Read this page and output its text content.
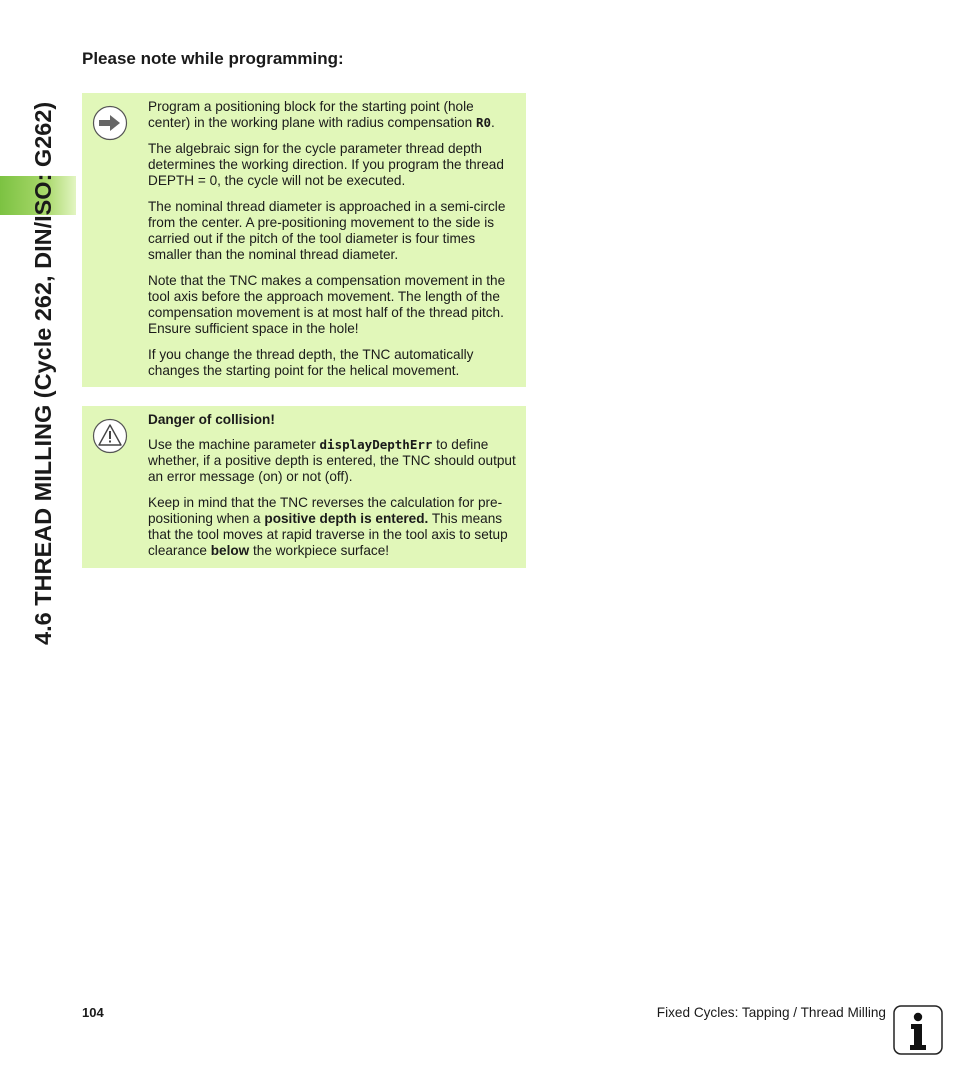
4.6 THREAD MILLING (Cycle 262, DIN/ISO: G262)
Please note while programming:

Program a positioning block for the starting point (hole center) in the working plane with radius compensation R0.

The algebraic sign for the cycle parameter thread depth determines the working direction. If you program the thread DEPTH = 0, the cycle will not be executed.

The nominal thread diameter is approached in a semi-circle from the center. A pre-positioning movement to the side is carried out if the pitch of the tool diameter is four times smaller than the nominal thread diameter.

Note that the TNC makes a compensation movement in the tool axis before the approach movement. The length of the compensation movement is at most half of the thread pitch. Ensure sufficient space in the hole!

If you change the thread depth, the TNC automatically changes the starting point for the helical movement.

Danger of collision!

Use the machine parameter displayDepthErr to define whether, if a positive depth is entered, the TNC should output an error message (on) or not (off).

Keep in mind that the TNC reverses the calculation for pre-positioning when a positive depth is entered. This means that the tool moves at rapid traverse in the tool axis to setup clearance below the workpiece surface!

104	Fixed Cycles: Tapping / Thread Milling
